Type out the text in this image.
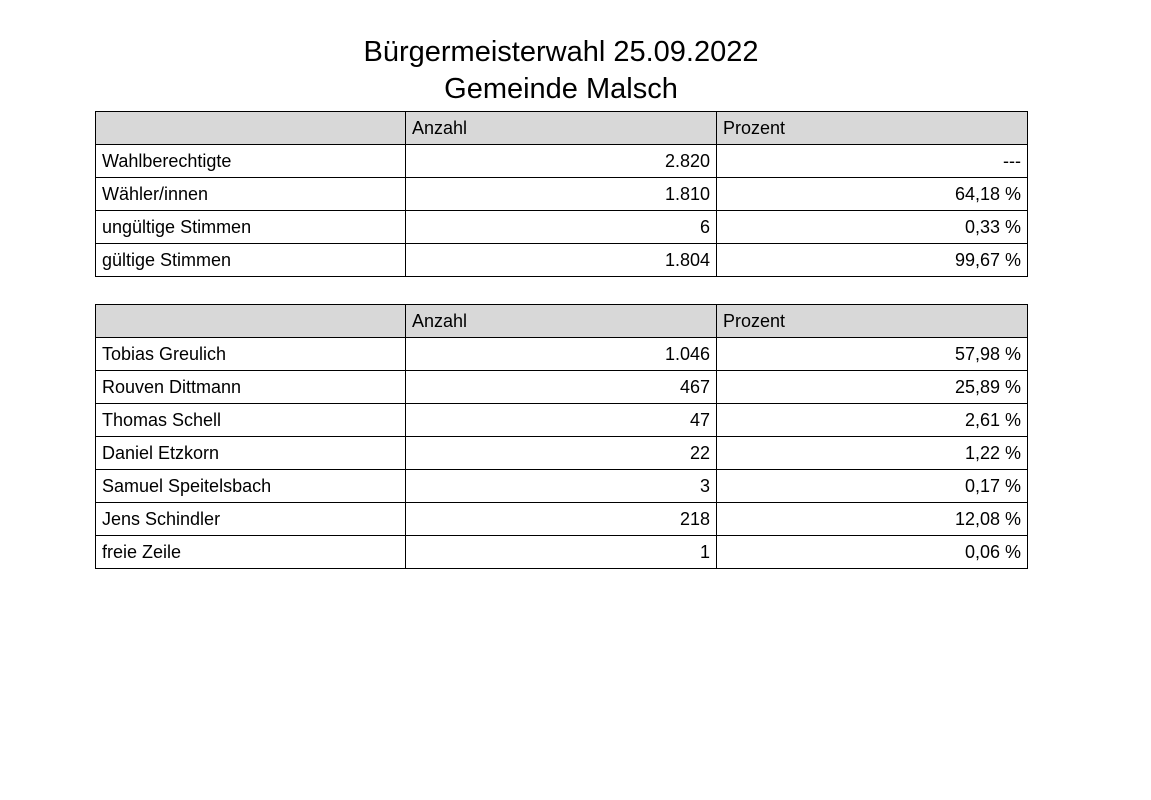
Bürgermeisterwahl 25.09.2022
Gemeinde Malsch
	Anzahl	Prozent
Wahlberechtigte	2.820	---
Wähler/innen	1.810	64,18 %
ungültige Stimmen	6	0,33 %
gültige Stimmen	1.804	99,67 %
	Anzahl	Prozent
Tobias Greulich	1.046	57,98 %
Rouven Dittmann	467	25,89 %
Thomas Schell	47	2,61 %
Daniel Etzkorn	22	1,22 %
Samuel Speitelsbach	3	0,17 %
Jens Schindler	218	12,08 %
freie Zeile	1	0,06 %
